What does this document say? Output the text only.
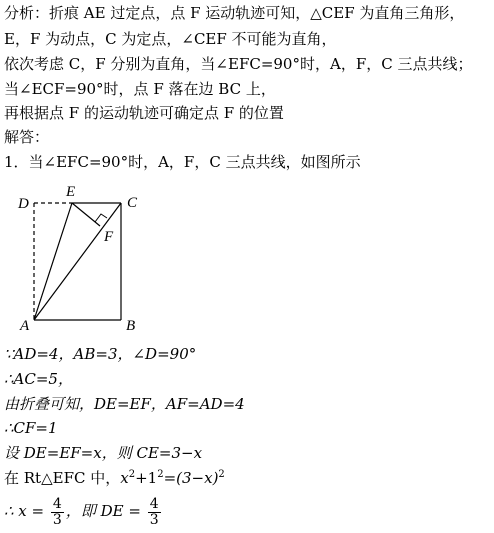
分析：折痕 AE 过定点，点 F 运动轨迹可知，△CEF 为直角三角形，
E，F 为动点，C 为定点，∠CEF 不可能为直角，
依次考虑 C，F 分别为直角，当∠EFC=90°时，A，F，C 三点共线；
当∠ECF=90°时，点 F 落在边 BC 上，
再根据点 F 的运动轨迹可确定点 F 的位置
解答：
1．当∠EFC=90°时，A，F，C 三点共线，如图所示
D
E
C
F
A	B
∵AD=4，AB=3，∠D=90°
∴AC=5，
由折叠可知，DE=EF，AF=AD=4
∴CF=1
设 DE=EF=x，则 CE=3−x
在 Rt△EFC 中，$x^2+1^2=(3-x)^2$
∴ $x = \frac{4}{3}$ ，即 DE = $\frac{4}{3}$
